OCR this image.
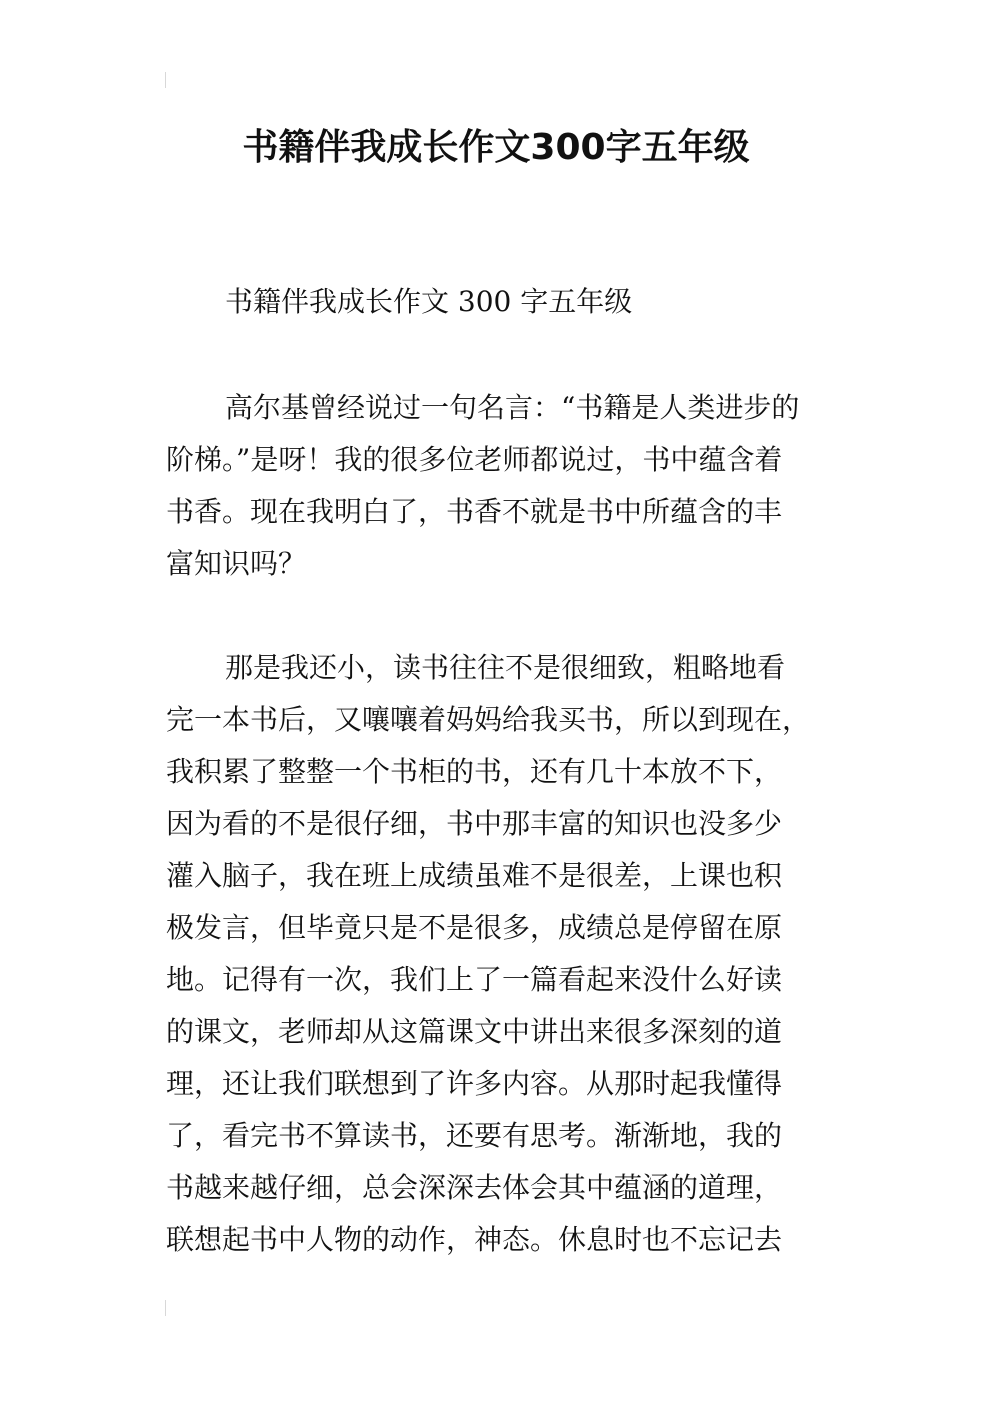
书籍伴我成长作文300字五年级

书籍伴我成长作文 300 字五年级

高尔基曾经说过一句名言：“书籍是人类进步的
阶梯。”是呀！我的很多位老师都说过，书中蕴含着
书香。现在我明白了，书香不就是书中所蕴含的丰
富知识吗？
那是我还小，读书往往不是很细致，粗略地看
完一本书后，又嚷嚷着妈妈给我买书，所以到现在，
我积累了整整一个书柜的书，还有几十本放不下，
因为看的不是很仔细，书中那丰富的知识也没多少
灌入脑子，我在班上成绩虽难不是很差，上课也积
极发言，但毕竟只是不是很多，成绩总是停留在原
地。记得有一次，我们上了一篇看起来没什么好读
的课文，老师却从这篇课文中讲出来很多深刻的道
理，还让我们联想到了许多内容。从那时起我懂得
了，看完书不算读书，还要有思考。渐渐地，我的
书越来越仔细，总会深深去体会其中蕴涵的道理，
联想起书中人物的动作，神态。休息时也不忘记去
